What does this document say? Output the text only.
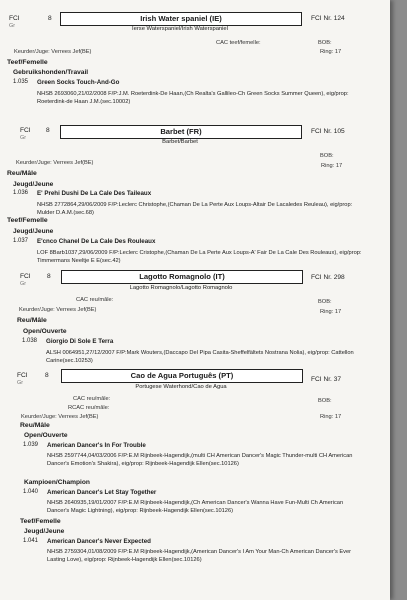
FCI
Gr
8	Irish Water spaniel (IE)	FCI Nr. 124
Ierse Waterspaniel/Irish Waterspaniel
CAC teef/femelle:	BOB:
Keurder/Juge: Verrees Jef(BE)	Ring: 17
Teef/Femelle
Gebruikshonden/Travail
1.035 Green Socks Touch-And-Go
NHSB 2693060,21/02/2008 F/P:J.M. Roeterdink-De Haan,(Ch Realta's Gallileo-Ch Green Socks Summer Queen), eig/prop: Roeterdink-de Haan J.M.(sec.10002)
FCI
Gr
8	Barbet (FR)	FCI Nr. 105
Barbet/Barbet
BOB:
Keurder/Juge: Verrees Jef(BE)	Ring: 17
Reu/Mâle
Jeugd/Jeune
1.036 E' Prehi Dushi De La Cale Des Taileaux
NHSB 2772864,29/06/2009 F/P:Leclerc Christophe,(Chaman De La Perte Aux Loups-Altair De Lacaledes Reuleau), eig/prop: Mulder D.A.M.(sec.68)
Teef/Femelle
Jeugd/Jeune
1.037 E'cnco Chanel De La Cale Des Rouleaux
LOF 8Barb1037,29/06/2009 F/P:Leclerc Cristophe,(Chaman De La Perte Aux Loups-A' Fair De La Cale Des Rouleaux), eig/prop: Timmermans Neeltje E E(sec.42)
FCI
Gr
8	Lagotto Romagnolo (IT)	FCI Nr. 298
Lagotto Romagnolo/Lagotto Romagnolo
CAC reu/mâle:	BOB:
Keurder/Juge: Verrees Jef(BE)	Ring: 17
Reu/Mâle
Open/Ouverte
1.038 Giorgio Di Sole E Terra
ALSH 0064951,27/12/2007 F/P:Mark Wouters,(Daccapo Del Pipa Casita-Sheffelfältets Nostrana Nolia), eig/prop: Cattellon Carine(sec.10253)
FCI
Gr
8	Cao de Agua Português (PT)	FCI Nr. 37
Portugese Waterhond/Cao de Agua
CAC reu/mâle:	BOB:
RCAC reu/mâle:
Keurder/Juge: Verrees Jef(BE)	Ring: 17
Reu/Mâle
Open/Ouverte
1.039 American Dancer's In For Trouble
NHSB 2597744,04/03/2006 F/P:E.M Rijnbeek-Hagendijk,(multi CH American Dancer's Magic Thunder-multi CH American Dancer's Emotion's Shakira), eig/prop: Rijnbeek-Hagendijk Ellen(sec.10126)
Kampioen/Champion
1.040 American Dancer's Let Stay Together
NHSB 2640935,19/01/2007 F/P:E.M Rijnbeek-Hagendijk,(Ch American Dancer's Wanna Have Fun-Multi Ch American Dancer's Magic Lightning), eig/prop: Rijnbeek-Hagendijk Ellen(sec.10126)
Teef/Femelle
Jeugd/Jeune
1.041 American Dancer's Never Expected
NHSB 2759304,01/08/2009 F/P:E.M Rijnbeek-Hagendijk,(American Dancer's I Am Your Man-Ch American Dancer's Ever Lasting Love), eig/prop: Rijnbeek-Hagendijk Ellen(sec.10126)
